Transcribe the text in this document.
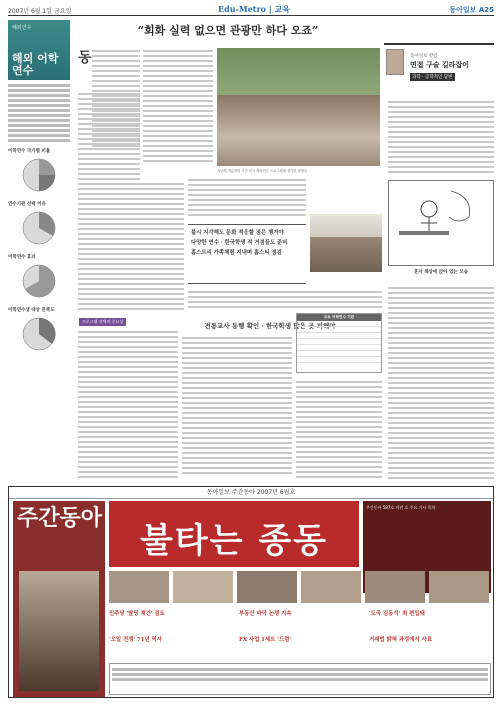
2007년 6월 1일 금요일	Edu-Metro | 교육	동아일보 A25
해외연수
해외 어학연수
어학연수 국가별 비율
연수기관 선택 이유
어학연수 효과
어학연수생 대상 만족도
“회화 실력 없으면 관광만 하다 오죠”
동
지난해 여름방학 기간 미국 해외연수 프로그램에 참가한 학생들
불시 지각해도 문화 적응할 점은 챙겨야
다양한 연수 · 한국학생 적 거점들도 준비
홈스트리 가족체험 지내며 홈스티 점검
동아일보 칼럼
면접 구술 길라잡이
과학 · 공학적인 답변
혼자 책상에 앉아 있는 모습
프로그램 선택의 중요성
전통교사 동행 확인 · 한국학생 많은 곳 피해야
주요 어학연수 기관
동아일보 주간동아 2007년 6월호
주간동아
불타는 종동
주간동아 587호 이번 호 주요 기사 목차
민주당 '탈당 재건' 검토	부동산 바닥 논쟁 지속	'도곡 김동석' 최 편입돼
'오일 전쟁' 71년 역사	FX 사업 1세트 '드럼'	거래법 밝혀 과정에서 사표
